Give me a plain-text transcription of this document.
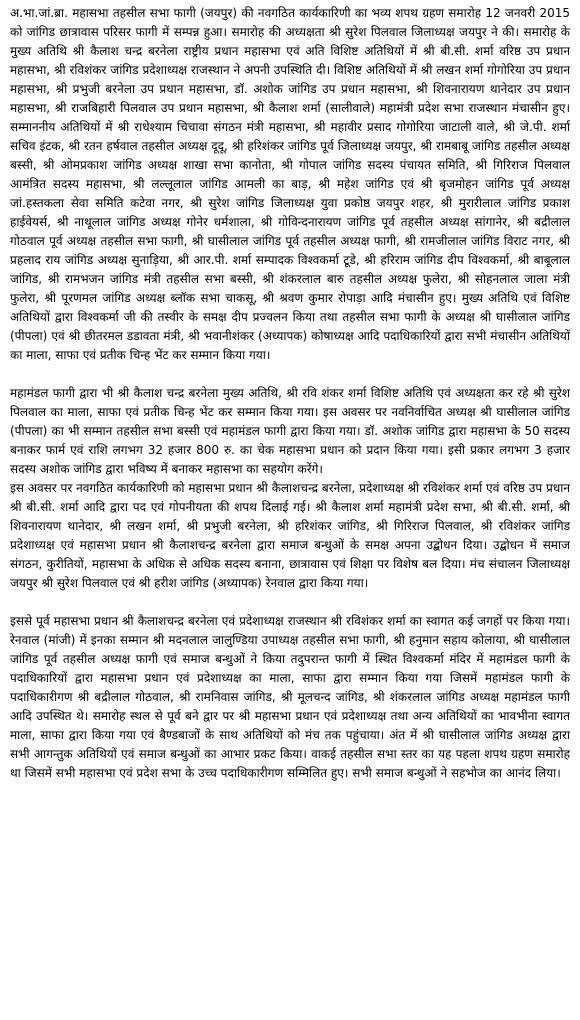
अ.भा.जां.ब्रा. महासभा तहसील सभा फागी (जयपुर) की नवगठित कार्यकारिणी का भव्य शपथ ग्रहण समारोह 12 जनवरी 2015 को जांगिड छात्रावास परिसर फागी में सम्पन्न हुआ। समारोह की अध्यक्षता श्री सुरेश पिलवाल जिलाध्यक्ष जयपुर ने की। समारोह के मुख्य अतिथि श्री कैलाश चन्द्र बरनेला राष्ट्रीय प्रधान महासभा एवं अति विशिष्ट अतिथियों में श्री बी.सी. शर्मा वरिष्ठ उप प्रधान महासभा, श्री रविशंकर जांगिड प्रदेशाध्यक्ष राजस्थान ने अपनी उपस्थिति दी। विशिष्ट अतिथियों में श्री लखन शर्मा गोगोरिया उप प्रधान महासभा, श्री प्रभुजी बरनेला उप प्रधान महासभा, डॉ. अशोक जांगिड उप प्रधान महासभा, श्री शिवनारायण थानेदार उप प्रधान महासभा, श्री राजबिहारी पिलवाल उप प्रधान महासभा, श्री कैलाश शर्मा (सालीवाले) महामंत्री प्रदेश सभा राजस्थान मंचासीन हुए। सम्माननीय अतिथियों में श्री राधेश्याम चिचावा संगठन मंत्री महासभा, श्री महावीर प्रसाद गोगोरिया जाटाली वाले, श्री जे.पी. शर्मा सचिव इंटक, श्री रतन हर्षवाल तहसील अध्यक्ष दूदू, श्री हरिशंकर जांगिड पूर्व जिलाध्यक्ष जयपुर, श्री रामबाबू जांगिड तहसील अध्यक्ष बस्सी, श्री ओमप्रकाश जांगिड अध्यक्ष शाखा सभा कानोता, श्री गोपाल जांगिड सदस्य पंचायत समिति, श्री गिरिराज पिलवाल आमंत्रित सदस्य महासभा, श्री लल्लूलाल जांगिड आमली का बाड़, श्री महेश जांगिड एवं श्री बृजमोहन जांगिड पूर्व अध्यक्ष जां.हस्तकला सेवा समिति कटेवा नगर, श्री सुरेश जांगिड जिलाध्यक्ष युवा प्रकोष्ठ जयपुर शहर, श्री मुरारीलाल जांगिड प्रकाश हाईवेयर्स, श्री नाथूलाल जांगिड अध्यक्ष गोनेर धर्मशाला, श्री गोविन्दनारायण जांगिड पूर्व तहसील अध्यक्ष सांगानेर, श्री बद्रीलाल गोठवाल पूर्व अध्यक्ष तहसील सभा फागी, श्री घासीलाल जांगिड पूर्व तहसील अध्यक्ष फागी, श्री रामजीलाल जांगिड विराट नगर, श्री प्रहलाद राय जांगिड अध्यक्ष सुनाड़िया, श्री आर.पी. शर्मा सम्पादक विश्वकर्मा टूडे, श्री हरिराम जांगिड दीप विश्वकर्मा, श्री बाबूलाल जांगिड, श्री रामभजन जांगिड मंत्री तहसील सभा बस्सी, श्री शंकरलाल बारु तहसील अध्यक्ष फुलेरा, श्री सोहनलाल जाला मंत्री फुलेरा, श्री पूरणमल जांगिड अध्यक्ष ब्लॉक सभा चाकसू, श्री श्रवण कुमार रोपाड़ा आदि मंचासीन हुए। मुख्य अतिथि एवं विशिष्ट अतिथियों द्वारा विश्वकर्मा जी की तस्वीर के समक्ष दीप प्रज्वलन किया तथा तहसील सभा फागी के अध्यक्ष श्री घासीलाल जांगिड (पीपला) एवं श्री छीतरमल डडावता मंत्री, श्री भवानीशंकर (अध्यापक) कोषाध्यक्ष आदि पदाधिकारियों द्वारा सभी मंचासीन अतिथियों का माला, साफा एवं प्रतीक चिन्ह भेंट कर सम्मान किया गया।

महामंडल फागी द्वारा भी श्री कैलाश चन्द्र बरनेला मुख्य अतिथि, श्री रवि शंकर शर्मा विशिष्ट अतिथि एवं अध्यक्षता कर रहे श्री सुरेश पिलवाल का माला, साफा एवं प्रतीक चिन्ह भेंट कर सम्मान किया गया। इस अवसर पर नवनिर्वाचित अध्यक्ष श्री घासीलाल जांगिड (पीपला) का भी सम्मान तहसील सभा बस्सी एवं महामंडल फागी द्वारा किया गया। डॉ. अशोक जांगिड द्वारा महासभा के 50 सदस्य बनाकर फार्म एवं राशि लगभग 32 हजार 800 रु. का चेक महासभा प्रधान को प्रदान किया गया। इसी प्रकार लगभग 3 हजार सदस्य अशोक जांगिड द्वारा भविष्य में बनाकर महासभा का सहयोग करेंगे।

इस अवसर पर नवगठित कार्यकारिणी को महासभा प्रधान श्री कैलाशचन्द्र बरनेला, प्रदेशाध्यक्ष श्री रविशंकर शर्मा एवं वरिष्ठ उप प्रधान श्री बी.सी. शर्मा आदि द्वारा पद एवं गोपनीयता की शपथ दिलाई गई। श्री कैलाश शर्मा महामंत्री प्रदेश सभा, श्री बी.सी. शर्मा, श्री शिवनारायण थानेदार, श्री लखन शर्मा, श्री प्रभुजी बरनेला, श्री हरिशंकर जांगिड, श्री गिरिराज पिलवाल, श्री रविशंकर जांगिड प्रदेशाध्यक्ष एवं महासभा प्रधान श्री कैलाशचन्द्र बरनेला द्वारा समाज बन्धुओं के समक्ष अपना उद्बोधन दिया। उद्बोधन में समाज संगठन, कुरीतियों, महासभा के अधिक से अधिक सदस्य बनाना, छात्रावास एवं शिक्षा पर विशेष बल दिया। मंच संचालन जिलाध्यक्ष जयपुर श्री सुरेश पिलवाल एवं श्री हरीश जांगिड (अध्यापक) रेनवाल द्वारा किया गया।

इससे पूर्व महासभा प्रधान श्री कैलाशचन्द्र बरनेला एवं प्रदेशाध्यक्ष राजस्थान श्री रविशंकर शर्मा का स्वागत कई जगहों पर किया गया। रेनवाल (मांजी) में इनका सम्मान श्री मदनलाल जालुण्डिया उपाध्यक्ष तहसील सभा फागी, श्री हनुमान सहाय कोलाया, श्री घासीलाल जांगिड पूर्व तहसील अध्यक्ष फागी एवं समाज बन्धुओं ने किया तदुपरान्त फागी में स्थित विश्वकर्मा मंदिर में महामंडल फागी के पदाधिकारियों द्वारा महासभा प्रधान एवं प्रदेशाध्यक्ष का माला, साफा द्वारा सम्मान किया गया जिसमें महामंडल फागी के पदाधिकारीगण श्री बद्रीलाल गोठवाल, श्री रामनिवास जांगिड, श्री मूलचन्द जांगिड, श्री शंकरलाल जांगिड अध्यक्ष महामंडल फागी आदि उपस्थित थे। समारोह स्थल से पूर्व बने द्वार पर श्री महासभा प्रधान एवं प्रदेशाध्यक्ष तथा अन्य अतिथियों का भावभीना स्वागत माला, साफा द्वारा किया गया एवं बैण्डबाजों के साथ अतिथियों को मंच तक पहुंचाया। अंत में श्री घासीलाल जांगिड अध्यक्ष द्वारा सभी आगन्तुक अतिथियों एवं समाज बन्धुओं का आभार प्रकट किया। वाकई तहसील सभा स्तर का यह पहला शपथ ग्रहण समारोह था जिसमें सभी महासभा एवं प्रदेश सभा के उच्च पदाधिकारीगण सम्मिलित हुए। सभी समाज बन्धुओं ने सहभोज का आनंद लिया।
